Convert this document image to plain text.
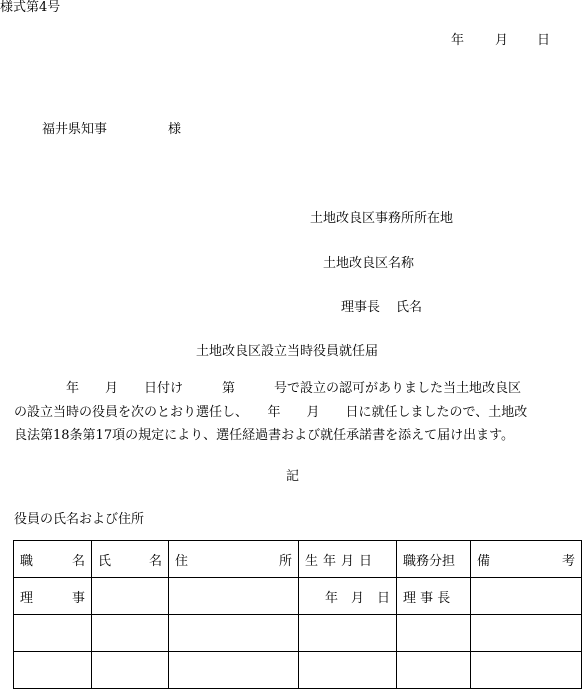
様式第4号
年 月 日
福井県知事	様
土地改良区事務所所在地
土地改良区名称
理事長 氏名
土地改良区設立当時役員就任届
　　　　年　　月　　日付け　　　第　　　号で設立の認可がありました当土地改良区
の設立当時の役員を次のとおり選任し、　　年　　月　　日に就任しましたので、土地改
良法第18条第17項の規定により、選任経過書および就任承諾書を添えて届け出ます。
記
役員の氏名および住所
職 名	氏 名	住 所	生年月日	職務分担	備 考

理 事			年　月　日	理 事 長	
